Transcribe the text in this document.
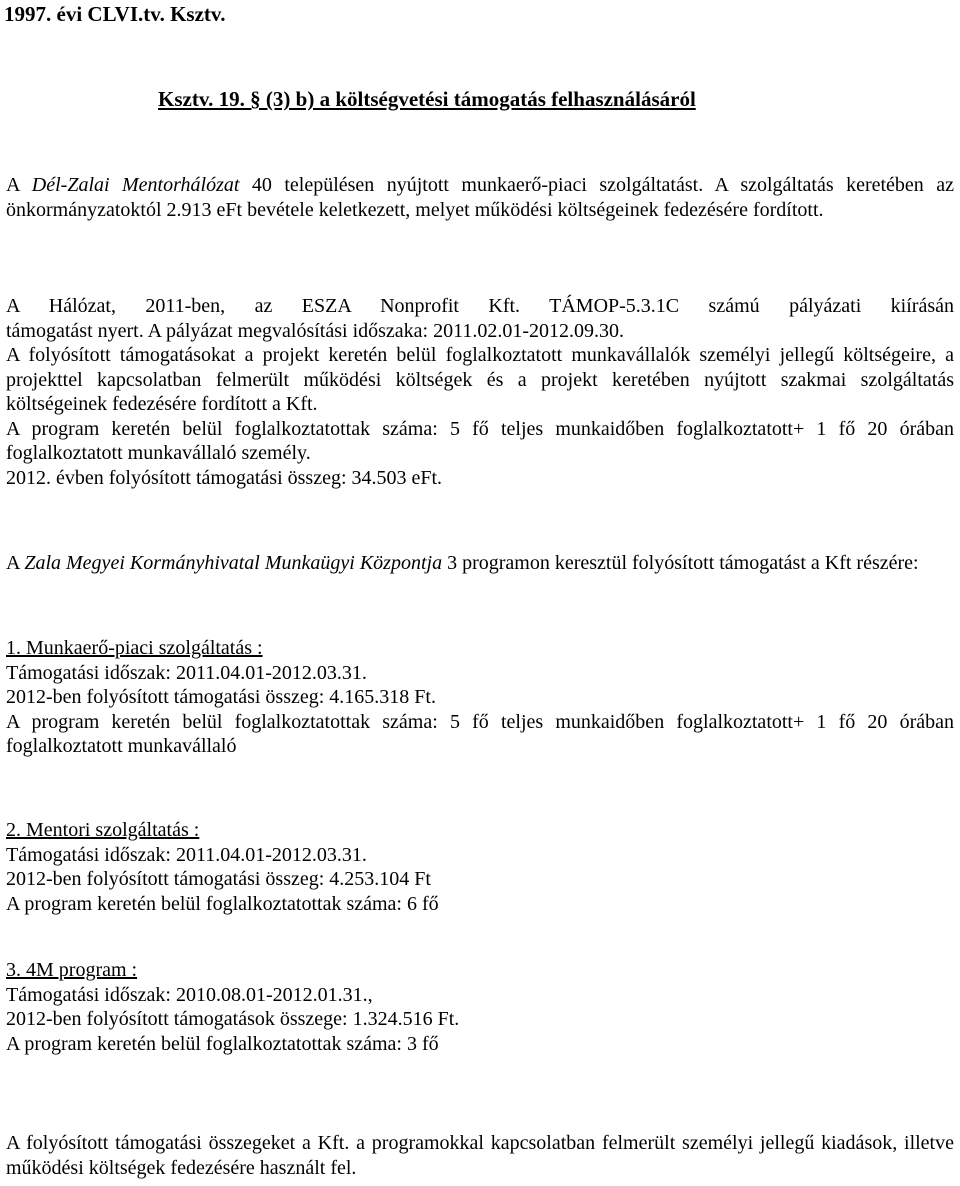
1997. évi CLVI.tv. Ksztv.
Ksztv. 19. § (3) b) a költségvetési támogatás felhasználásáról

A Dél-Zalai Mentorhálózat 40 településen nyújtott munkaerő-piaci szolgáltatást. A szolgáltatás keretében az önkormányzatoktól 2.913 eFt bevétele keletkezett, melyet működési költségeinek fedezésére fordított.

A Hálózat, 2011-ben, az ESZA Nonprofit Kft. TÁMOP-5.3.1C számú pályázati kiírásán

támogatást nyert. A pályázat megvalósítási időszaka: 2011.02.01-2012.09.30.

A folyósított támogatásokat a projekt keretén belül foglalkoztatott munkavállalók személyi jellegű költségeire, a projekttel kapcsolatban felmerült működési költségek és a projekt keretében nyújtott szakmai szolgáltatás költségeinek fedezésére fordított a Kft.

A program keretén belül foglalkoztatottak száma: 5 fő teljes munkaidőben foglalkoztatott+ 1 fő 20 órában foglalkoztatott munkavállaló személy.

2012. évben folyósított támogatási összeg: 34.503 eFt.

A Zala Megyei Kormányhivatal Munkaügyi Központja 3 programon keresztül folyósított támogatást a Kft részére:

1. Munkaerő-piaci szolgáltatás :

Támogatási időszak: 2011.04.01-2012.03.31.

2012-ben folyósított támogatási összeg: 4.165.318 Ft.

A program keretén belül foglalkoztatottak száma: 5 fő teljes munkaidőben foglalkoztatott+ 1 fő 20 órában foglalkoztatott munkavállaló

2. Mentori szolgáltatás :

Támogatási időszak: 2011.04.01-2012.03.31.

2012-ben folyósított támogatási összeg: 4.253.104 Ft

A program keretén belül foglalkoztatottak száma: 6 fő

3. 4M program :

Támogatási időszak: 2010.08.01-2012.01.31.,

2012-ben folyósított támogatások összege: 1.324.516 Ft.

A program keretén belül foglalkoztatottak száma: 3 fő

A folyósított támogatási összegeket a Kft. a programokkal kapcsolatban felmerült személyi jellegű kiadások, illetve működési költségek fedezésére használt fel.
